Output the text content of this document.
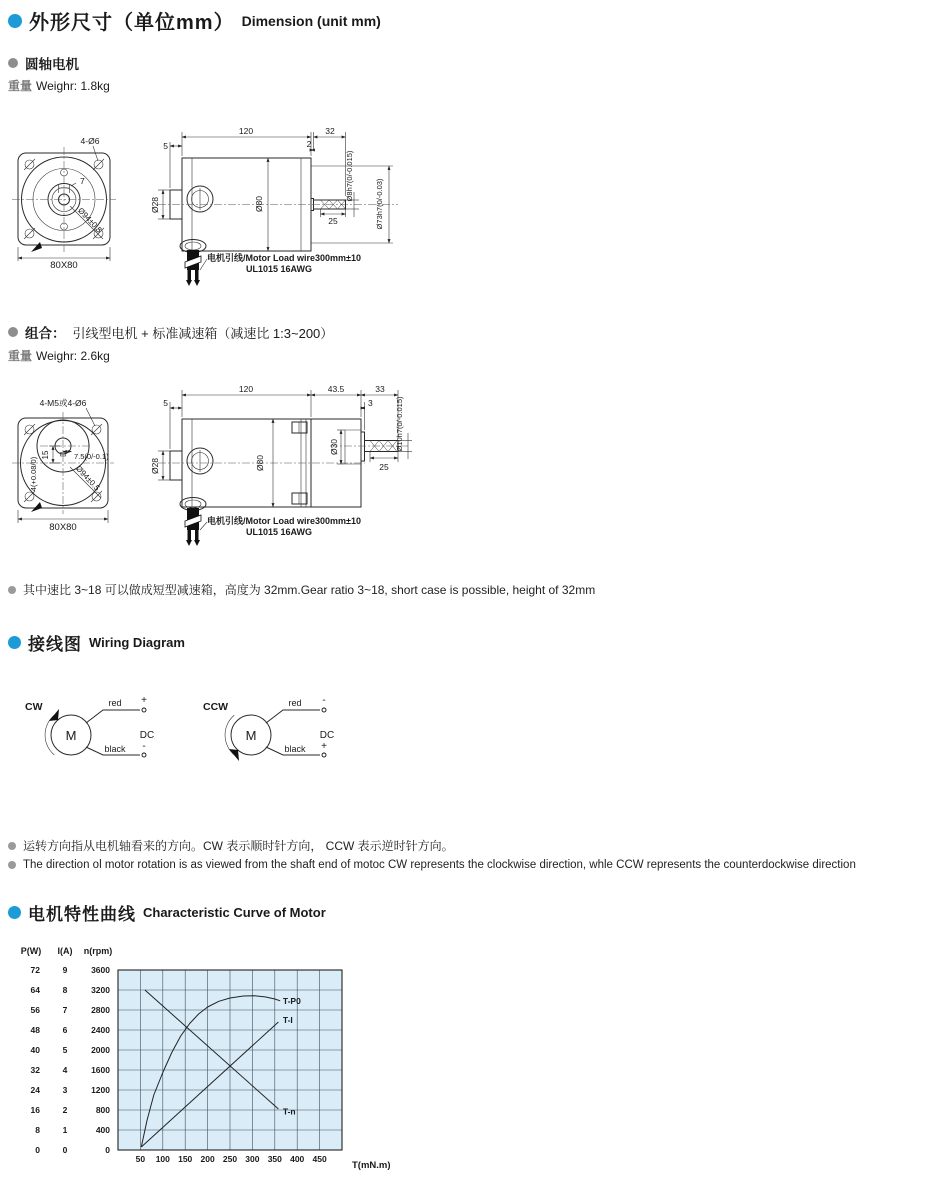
外形尺寸（单位mm） Dimension (unit mm)
圆轴电机
重量 Weighr: 1.8kg
4-Ø6
7
Ø94±0.5
80X80
120	32
5	2
Ø28	Ø80
Ø8h7(0/-0.015)
Ø73h7(0/-0.03)
25
电机引线/Motor Load wire300mm±10
UL1015 16AWG
组合： 引线型电机 + 标准减速箱（减速比 1:3~200）
重量 Weighr: 2.6kg
4-M5或4-Ø6
15	7.5(0/-0.1)
4(+0.08/0)	Ø94±0.5
80X80
120	43.5	33
5	3
Ø28	Ø80
Ø30	Ø10h7(0/-0.015)
25
电机引线/Motor Load wire300mm±10
UL1015 16AWG
其中速比 3~18 可以做成短型减速箱，高度为 32mm.Gear ratio 3~18, short case is possible, height of 32mm
接线图 Wiring Diagram
CW
M
red +
black -
DC
CCW
M
red -
black +
DC
运转方向指从电机轴看来的方向。CW 表示顺时针方向， CCW 表示逆时针方向。
The direction ol motor rotation is as viewed from the shaft end of motoc CW represents the clockwise direction, whle CCW represents the counterdockwise direction
电机特性曲线 Characteristic Curve of Motor
50 100 150 200 250 300 350 400 450
T(mN.m)
P(W)
72
64
56
48
40
32
24
16
8
0
I(A)
9
8
7
6
5
4
3
2
1
0
n(rpm)
3600
3200
2800
2400
2000
1600
1200
800
400
0
T-P0
T-I
T-n
